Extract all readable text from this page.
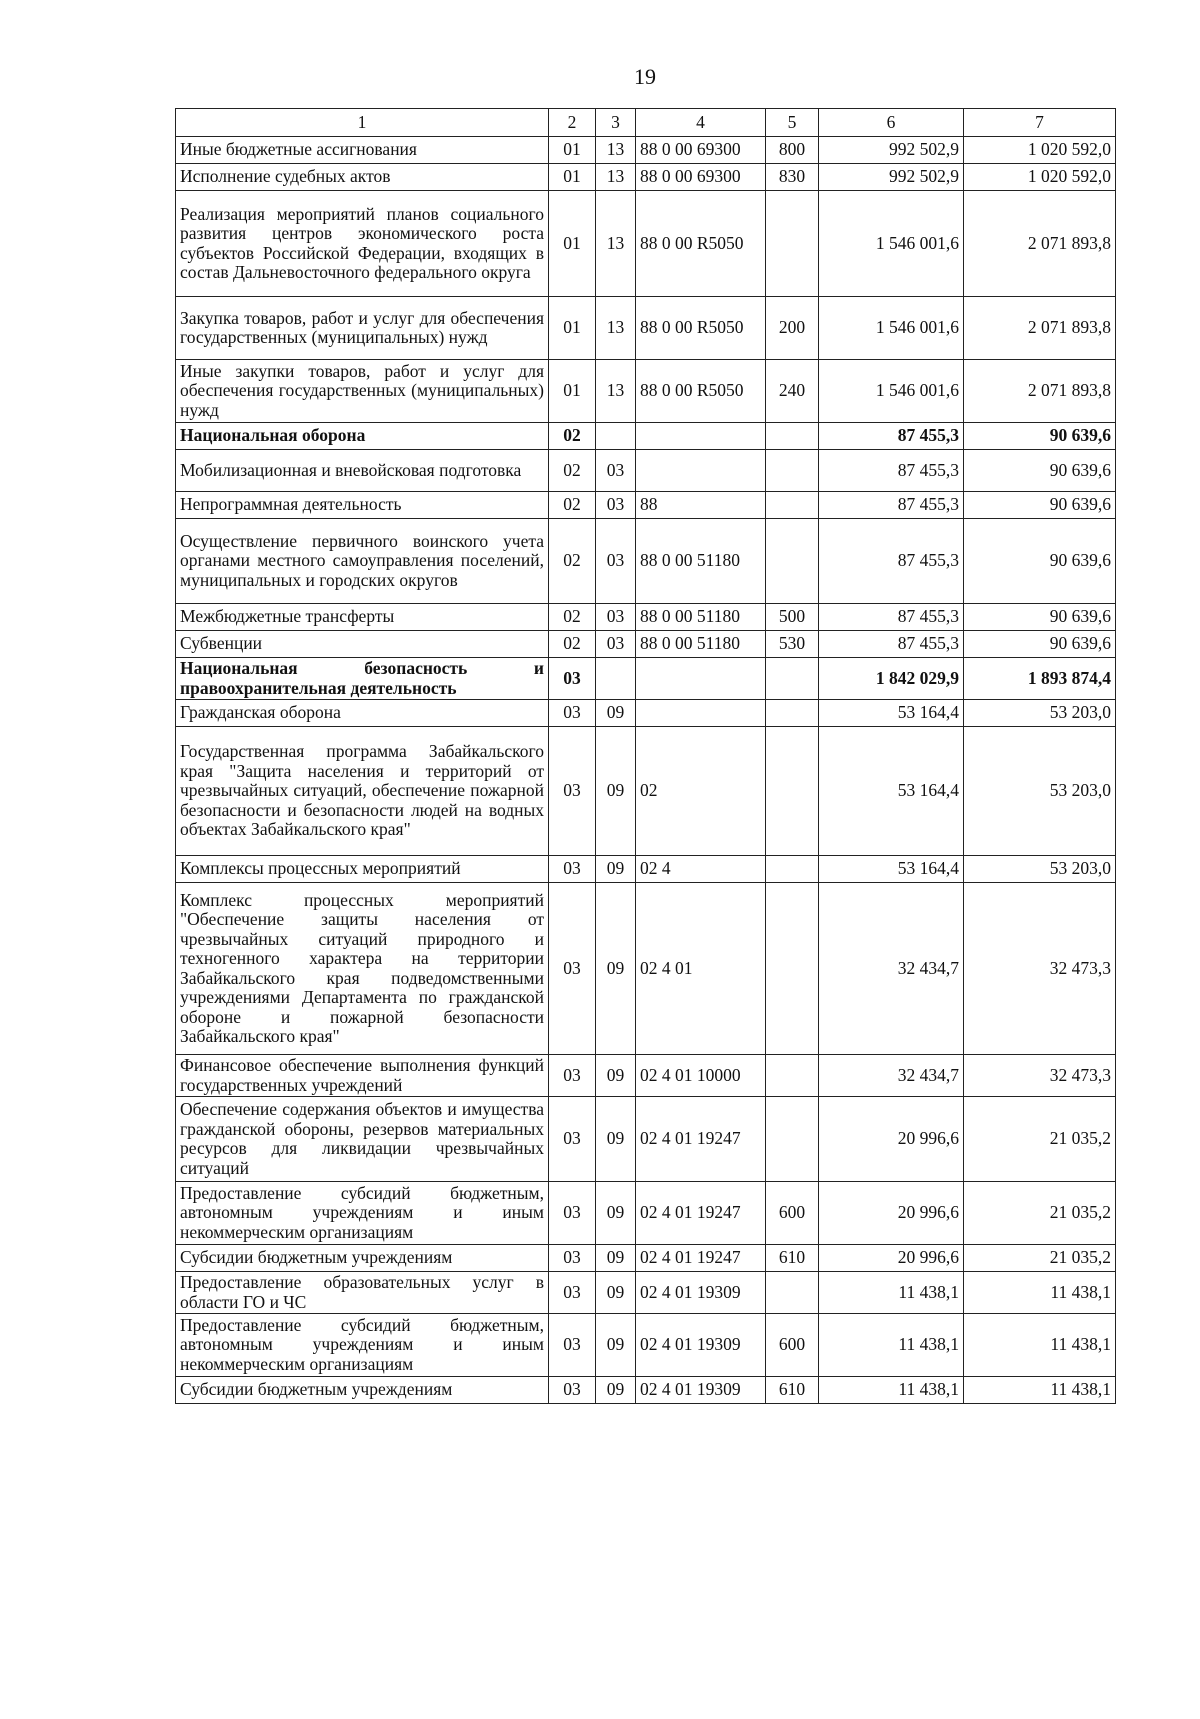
19
1	2	3	4	5	6	7
Иные бюджетные ассигнования	01	13	88 0 00 69300	800	992 502,9	1 020 592,0
Исполнение судебных актов	01	13	88 0 00 69300	830	992 502,9	1 020 592,0
Реализация мероприятий планов социального развития центров экономического роста субъектов Российской Федерации, входящих в состав Дальневосточного федерального округа	01	13	88 0 00 R5050		1 546 001,6	2 071 893,8
Закупка товаров, работ и услуг для обеспечения государственных (муниципальных) нужд	01	13	88 0 00 R5050	200	1 546 001,6	2 071 893,8
Иные закупки товаров, работ и услуг для обеспечения государственных (муниципальных) нужд	01	13	88 0 00 R5050	240	1 546 001,6	2 071 893,8
Национальная оборона	02				87 455,3	90 639,6
Мобилизационная и вневойсковая подготовка	02	03			87 455,3	90 639,6
Непрограммная деятельность	02	03	88		87 455,3	90 639,6
Осуществление первичного воинского учета органами местного самоуправления поселений, муниципальных и городских округов	02	03	88 0 00 51180		87 455,3	90 639,6
Межбюджетные трансферты	02	03	88 0 00 51180	500	87 455,3	90 639,6
Субвенции	02	03	88 0 00 51180	530	87 455,3	90 639,6
Национальная безопасность и правоохранительная деятельность	03				1 842 029,9	1 893 874,4
Гражданская оборона	03	09			53 164,4	53 203,0
Государственная программа Забайкальского края "Защита населения и территорий от чрезвычайных ситуаций, обеспечение пожарной безопасности и безопасности людей на водных объектах Забайкальского края"	03	09	02		53 164,4	53 203,0
Комплексы процессных мероприятий	03	09	02 4		53 164,4	53 203,0
Комплекс процессных мероприятий "Обеспечение защиты населения от чрезвычайных ситуаций природного и техногенного характера на территории Забайкальского края подведомственными учреждениями Департамента по гражданской обороне и пожарной безопасности Забайкальского края"	03	09	02 4 01		32 434,7	32 473,3
Финансовое обеспечение выполнения функций государственных учреждений	03	09	02 4 01 10000		32 434,7	32 473,3
Обеспечение содержания объектов и имущества гражданской обороны, резервов материальных ресурсов для ликвидации чрезвычайных ситуаций	03	09	02 4 01 19247		20 996,6	21 035,2
Предоставление субсидий бюджетным, автономным учреждениям и иным некоммерческим организациям	03	09	02 4 01 19247	600	20 996,6	21 035,2
Субсидии бюджетным учреждениям	03	09	02 4 01 19247	610	20 996,6	21 035,2
Предоставление образовательных услуг в области ГО и ЧС	03	09	02 4 01 19309		11 438,1	11 438,1
Предоставление субсидий бюджетным, автономным учреждениям и иным некоммерческим организациям	03	09	02 4 01 19309	600	11 438,1	11 438,1
Субсидии бюджетным учреждениям	03	09	02 4 01 19309	610	11 438,1	11 438,1
